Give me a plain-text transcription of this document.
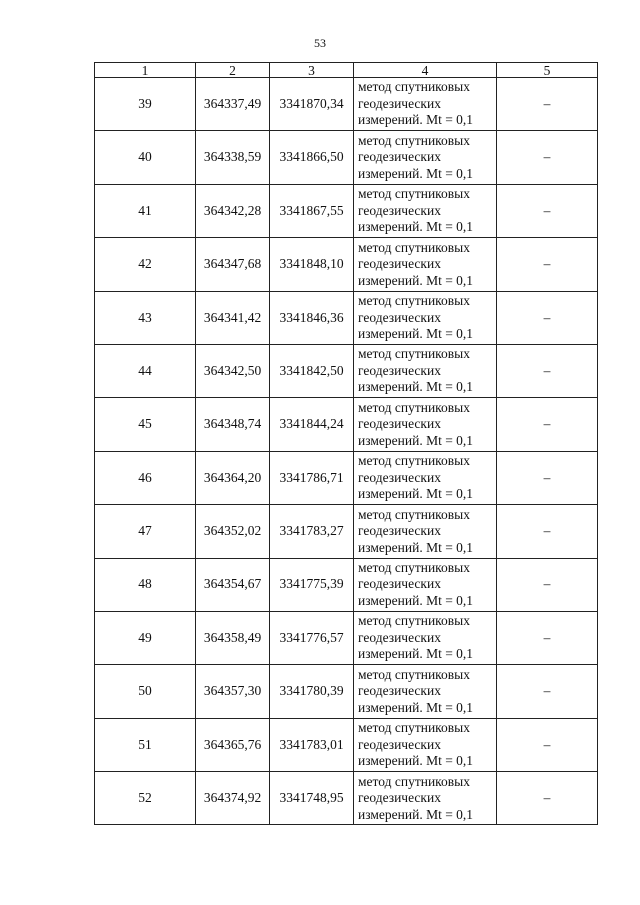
53
1	2	3	4	5
39	364337,49	3341870,34	метод спутниковых
геодезических
измерений. Mt = 0,1	–
40	364338,59	3341866,50	метод спутниковых
геодезических
измерений. Mt = 0,1	–
41	364342,28	3341867,55	метод спутниковых
геодезических
измерений. Mt = 0,1	–
42	364347,68	3341848,10	метод спутниковых
геодезических
измерений. Mt = 0,1	–
43	364341,42	3341846,36	метод спутниковых
геодезических
измерений. Mt = 0,1	–
44	364342,50	3341842,50	метод спутниковых
геодезических
измерений. Mt = 0,1	–
45	364348,74	3341844,24	метод спутниковых
геодезических
измерений. Mt = 0,1	–
46	364364,20	3341786,71	метод спутниковых
геодезических
измерений. Mt = 0,1	–
47	364352,02	3341783,27	метод спутниковых
геодезических
измерений. Mt = 0,1	–
48	364354,67	3341775,39	метод спутниковых
геодезических
измерений. Mt = 0,1	–
49	364358,49	3341776,57	метод спутниковых
геодезических
измерений. Mt = 0,1	–
50	364357,30	3341780,39	метод спутниковых
геодезических
измерений. Mt = 0,1	–
51	364365,76	3341783,01	метод спутниковых
геодезических
измерений. Mt = 0,1	–
52	364374,92	3341748,95	метод спутниковых
геодезических
измерений. Mt = 0,1	–
